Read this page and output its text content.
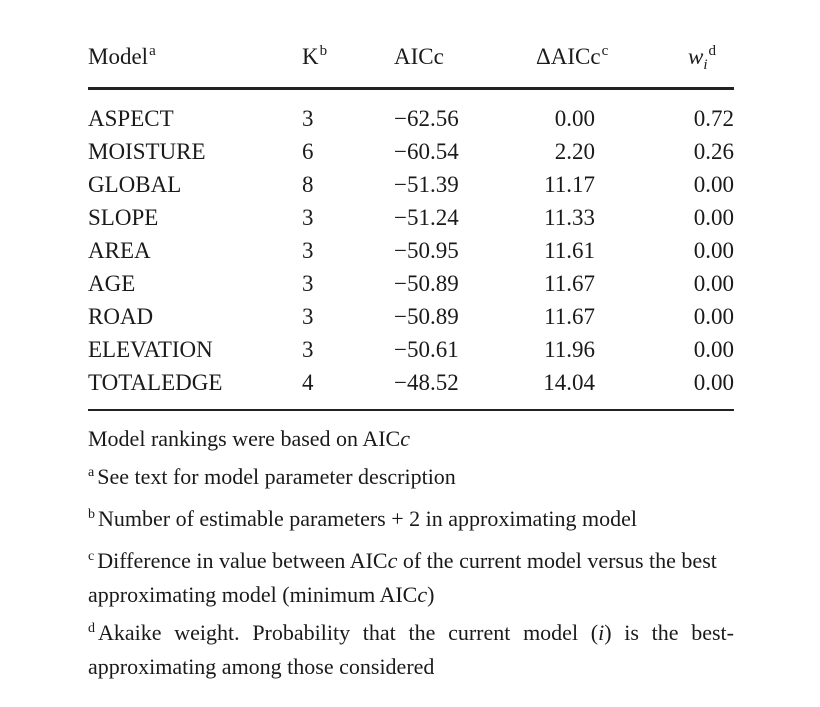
Model$^a$	$K^b$	AICc	ΔAICc$^c$	$w_i^d$
ASPECT	3	−62.56	0.00	0.72
MOISTURE	6	−60.54	2.20	0.26
GLOBAL	8	−51.39	11.17	0.00
SLOPE	3	−51.24	11.33	0.00
AREA	3	−50.95	11.61	0.00
AGE	3	−50.89	11.67	0.00
ROAD	3	−50.89	11.67	0.00
ELEVATION	3	−50.61	11.96	0.00
TOTALEDGE	4	−48.52	14.04	0.00
Model rankings were based on AICc
$^a$ See text for model parameter description
$^b$ Number of estimable parameters + 2 in approximating model
$^c$ Difference in value between AICc of the current model versus the best approximating model (minimum AICc)
$^d$ Akaike weight. Probability that the current model (i) is the best-approximating among those considered
